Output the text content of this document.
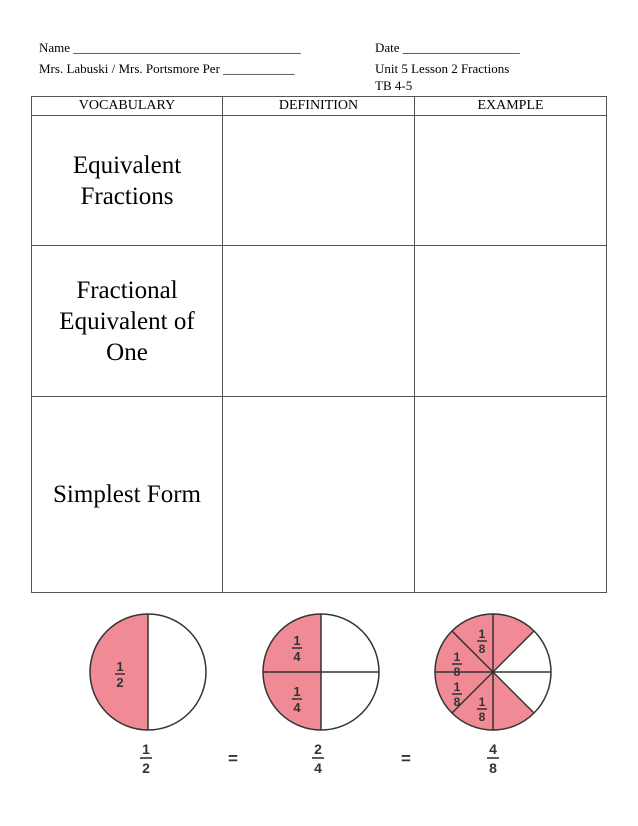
Name ___________________________________	Date __________________
Mrs. Labuski / Mrs. Portsmore Per ___________	Unit 5 Lesson 2 Fractions
TB 4-5
VOCABULARY	DEFINITION	EXAMPLE

Equivalent
Fractions		

Fractional
Equivalent of
One		

Simplest Form		

1
2
1
4
1
4
1
8
1
8
1
8 1
8
1
2	=	2
4	=	4
8
